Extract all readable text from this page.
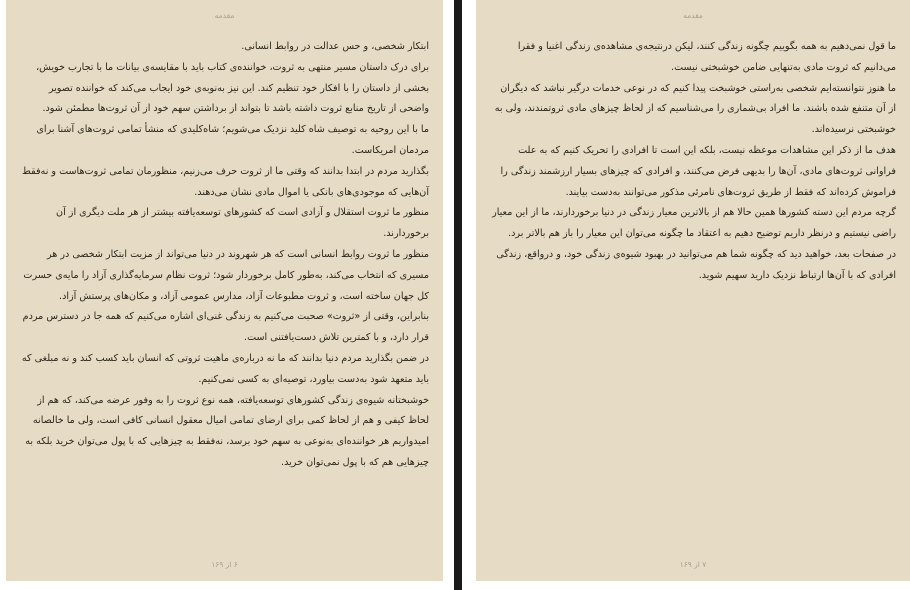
مقدمه

ابتکار شخصی، و حس عدالت در روابط انسانی.

برای درک داستان مسیر منتهی به ثروت، خواننده‌ی کتاب باید با مقایسه‌ی بیانات ما با تجارب خویش، بخشی از داستان را با افکار خود تنظیم کند. این نیز به‌نوبه‌ی خود ایجاب می‌کند که خواننده تصویر واضحی از تاریخ منابع ثروت داشته باشد تا بتواند از برداشتن سهم خود از آن ثروت‌ها مطمئن شود.

ما با این روحیه به توصیف شاه کلید نزدیک می‌شویم؛ شاه‌کلیدی که منشأ تمامی ثروت‌های آشنا برای مردمان امریکاست.

بگذارید مردم در ابتدا بدانند که وقتی ما از ثروت حرف می‌زنیم، منظورمان تمامی ثروت‌هاست و نه‌فقط آن‌هایی که موجودی‌های بانکی یا اموال مادی نشان می‌دهند.

منظور ما ثروت استقلال و آزادی است که کشورهای توسعه‌یافته بیشتر از هر ملت دیگری از آن برخوردارند.

منظور ما ثروت روابط انسانی است که هر شهروند در دنیا می‌تواند از مزیت ابتکار شخصی در هر مسیری که انتخاب می‌کند، به‌طور کامل برخوردار شود؛ ثروت نظام سرمایه‌گذاری آزاد را مایه‌ی حسرت کل جهان ساخته است، و ثروت مطبوعات آزاد، مدارس عمومی آزاد، و مکان‌های پرستش آزاد.

بنابراین، وقتی از «ثروت» صحبت می‌کنیم به زندگی غنی‌ای اشاره می‌کنیم که همه جا در دسترس مردم قرار دارد، و با کمترین تلاش دست‌یافتنی است.

در ضمن بگذارید مردم دنیا بدانند که ما نه درباره‌ی ماهیت ثروتی که انسان باید کسب کند و نه مبلغی که باید متعهد شود به‌دست بیاورد، توصیه‌ای به کسی نمی‌کنیم.

خوشبختانه شیوه‌ی زندگی کشورهای توسعه‌یافته، همه نوع ثروت را به وفور عرضه می‌کند، که هم از لحاظ کیفی و هم از لحاظ کمی برای ارضای تمامی امیال معقول انسانی کافی است، ولی ما خالصانه امیدواریم هر خواننده‌ای به‌نوعی به سهم خود برسد، نه‌فقط به چیزهایی که با پول می‌توان خرید بلکه به چیزهایی هم که با پول نمی‌توان خرید.

۶ از ۱۶۹
مقدمه

ما قول نمی‌دهیم به همه بگوییم چگونه زندگی کنند، لیکن درنتیجه‌ی مشاهده‌ی زندگی اغنیا و فقرا می‌دانیم که ثروت مادی به‌تنهایی ضامن خوشبختی نیست.

ما هنوز نتوانسته‌ایم شخصی به‌راستی خوشبخت پیدا کنیم که در نوعی خدمات درگیر نباشد که دیگران از آن متنفع شده باشند. ما افراد بی‌شماری را می‌شناسیم که از لحاظ چیزهای مادی ثروتمندند، ولی به خوشبختی نرسیده‌اند.

هدف ما از ذکر این مشاهدات موعظه نیست، بلکه این است تا افرادی را تحریک کنیم که به علت فراوانی ثروت‌های مادی، آن‌ها را بدیهی فرض می‌کنند، و افرادی که چیزهای بسیار ارزشمند زندگی را فراموش کرده‌اند که فقط از طریق ثروت‌های نامرئی مذکور می‌توانند به‌دست بیایند.

گرچه مردم این دسته کشورها همین حالا هم از بالاترین معیار زندگی در دنیا برخوردارند، ما از این معیار راضی نیستیم و درنظر داریم توضیح دهیم به اعتقاد ما چگونه می‌توان این معیار را باز هم بالاتر برد.

در صفحات بعد، خواهید دید که چگونه شما هم می‌توانید در بهبود شیوه‌ی زندگی خود، و درواقع، زندگی افرادی که با آن‌ها ارتباط نزدیک دارید سهیم شوید.

۷ از ۱۶۹
